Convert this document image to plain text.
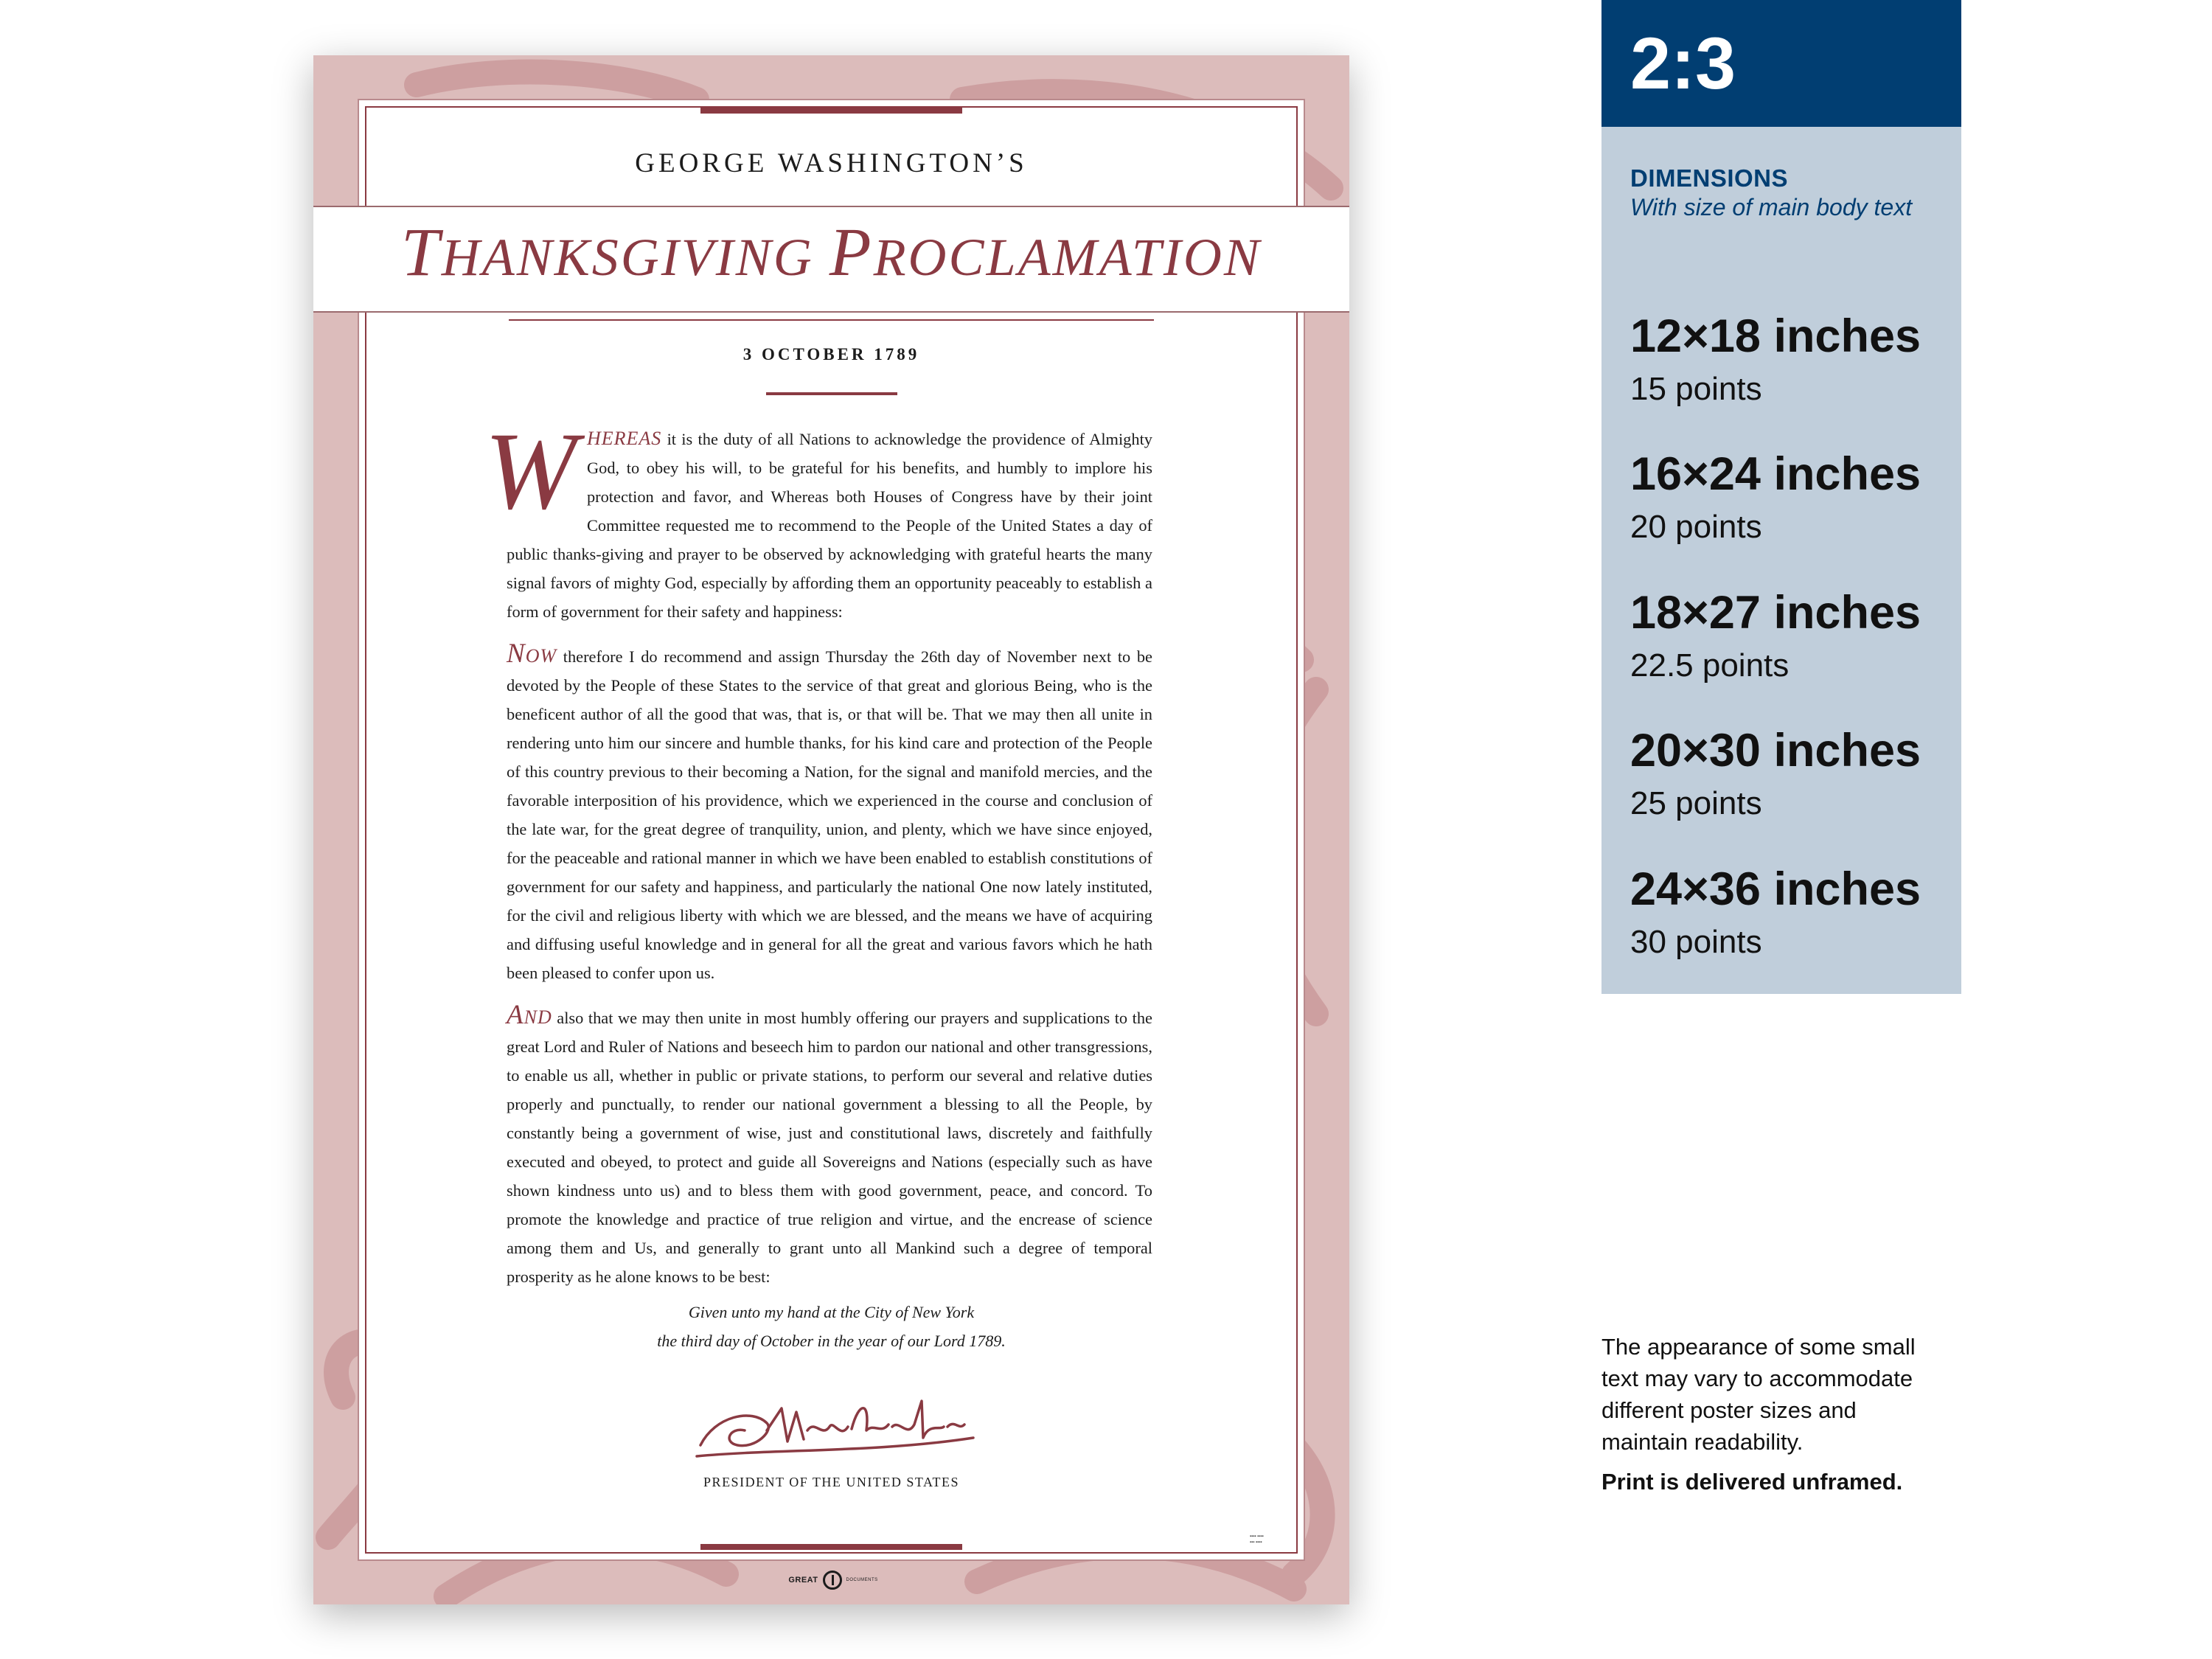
GEORGE WASHINGTON’S
THANKSGIVING PROCLAMATION
3 OCTOBER 1789

WHEREAS it is the duty of all Nations to acknowledge the providence of Almighty God, to obey his will, to be grateful for his benefits, and humbly to implore his protection and favor, and Whereas both Houses of Congress have by their joint Committee requested me to recommend to the People of the United States a day of public thanks-giving and prayer to be observed by acknowledging with grateful hearts the many signal favors of mighty God, especially by affording them an opportunity peaceably to establish a form of government for their safety and happiness:

NOW therefore I do recommend and assign Thursday the 26th day of November next to be devoted by the People of these States to the service of that great and glorious Being, who is the beneficent author of all the good that was, that is, or that will be. That we may then all unite in rendering unto him our sincere and humble thanks, for his kind care and protection of the People of this country previous to their becoming a Nation, for the signal and manifold mercies, and the favorable interposition of his providence, which we experienced in the course and conclusion of the late war, for the great degree of tranquility, union, and plenty, which we have since enjoyed, for the peaceable and rational manner in which we have been enabled to establish constitutions of government for our safety and happiness, and particularly the national One now lately instituted, for the civil and religious liberty with which we are blessed, and the means we have of acquiring and diffusing useful knowledge and in general for all the great and various favors which he hath been pleased to confer upon us.

AND also that we may then unite in most humbly offering our prayers and supplications to the great Lord and Ruler of Nations and beseech him to pardon our national and other transgressions, to enable us all, whether in public or private stations, to perform our several and relative duties properly and punctually, to render our national government a blessing to all the People, by constantly being a government of wise, just and constitutional laws, discretely and faithfully executed and obeyed, to protect and guide all Sovereigns and Nations (especially such as have shown kindness unto us) and to bless them with good government, peace, and concord. To promote the knowledge and practice of true religion and virtue, and the encrease of science among them and Us, and generally to grant unto all Mankind such a degree of temporal prosperity as he alone knows to be best:

Given unto my hand at the City of New York
the third day of October in the year of our Lord 1789.
PRESIDENT OF THE UNITED STATES
▪▪▪▪ ▪▪▪▪
▪▪▪ ▪▪▪▪
GREAT	DOCUMENTS
2:3
DIMENSIONS
With size of main body text
12×18 inches
15 points
16×24 inches
20 points
18×27 inches
22.5 points
20×30 inches
25 points
24×36 inches
30 points
The appearance of some small text may vary to accommodate different poster sizes and maintain readability.
Print is delivered unframed.
